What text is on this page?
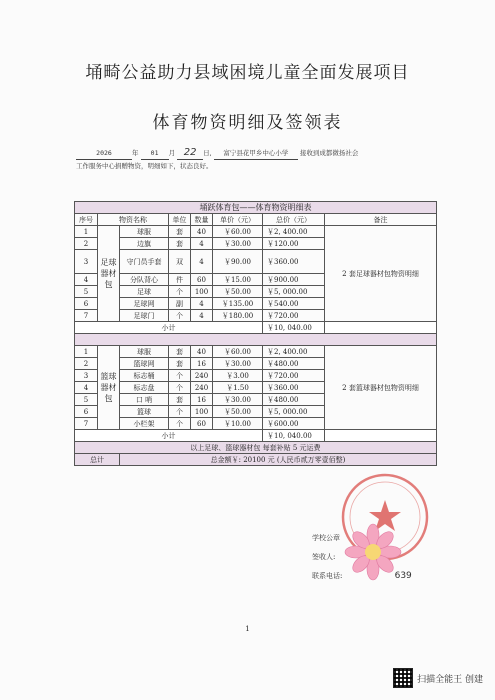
埇畸公益助力县域困境儿童全面发展项目
体育物资明细及签领表
2026	年 01 月 22 日, 富宁县花甲乡中心小学 接收到成都微扬社会
工作服务中心捐赠物资，明细如下，状态良好。
埇跃体育包——体育物资明细表							
序号	物资名称		单位	数量	单价（元）	总价（元）	备注
1	足球器材包	球服	套	40	￥60.00	￥2, 400.00	2 套足球器材包物资明细
2		边旗	套	4	￥30.00	￥120.00	
3		守门员手套	双	4	￥90.00	￥360.00	
4		分队背心	件	60	￥15.00	￥900.00	
5		足球	个	100	￥50.00	￥5, 000.00	
6		足球网	副	4	￥135.00	￥540.00	
7		足球门	个	4	￥180.00	￥720.00	
小计						￥10, 040.00	

1	篮球器材包	球服	套	40	￥60.00	￥2, 400.00	2 套篮球器材包物资明细
2		篮球网	套	16	￥30.00	￥480.00	
3		标志桶	个	240	￥3.00	￥720.00	
4		标志盘	个	240	￥1.50	￥360.00	
5		口 哨	套	16	￥30.00	￥480.00	
6		篮球	个	100	￥50.00	￥5, 000.00	
7		小栏架	个	60	￥10.00	￥600.00	
小计						￥10, 040.00	
以上足球、篮球器材包 每套补贴 5 元运费							
总计		总金额￥: 20100 元 (人民币贰万零壹佰整)					
学校公章
签收人:
联系电话:	639
1
扫描全能王 创建
